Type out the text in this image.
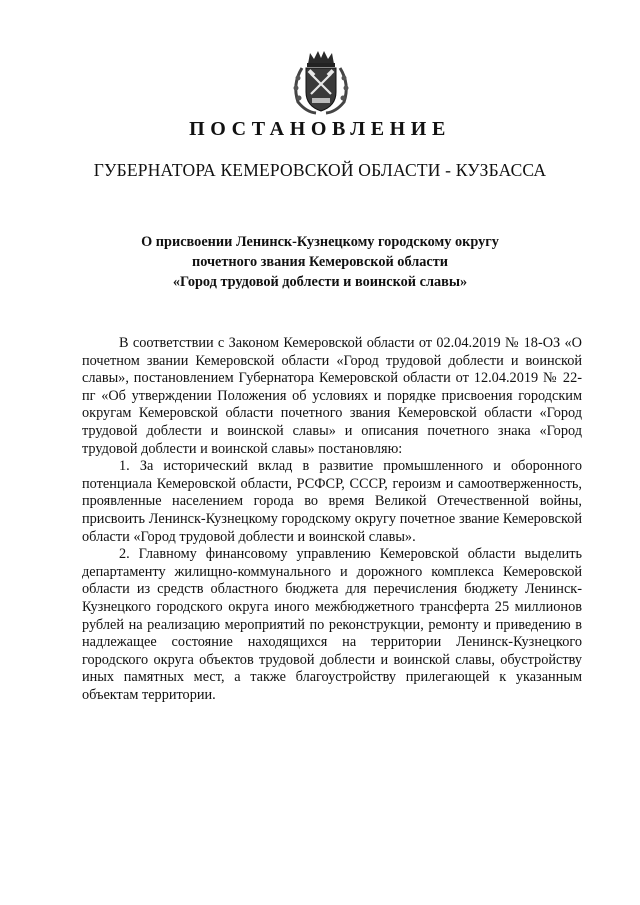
ПОСТАНОВЛЕНИЕ
ГУБЕРНАТОРА КЕМЕРОВСКОЙ ОБЛАСТИ - КУЗБАССА
О присвоении Ленинск-Кузнецкому городскому округу
почетного звания Кемеровской области
«Город трудовой доблести и воинской славы»

В соответствии с Законом Кемеровской области от 02.04.2019 № 18-ОЗ «О почетном звании Кемеровской области «Город трудовой доблести и воинской славы», постановлением Губернатора Кемеровской области от 12.04.2019 № 22-пг «Об утверждении Положения об условиях и порядке присвоения городским округам Кемеровской области почетного звания Кемеровской области «Город трудовой доблести и воинской славы» и описания почетного знака «Город трудовой доблести и воинской славы» постановляю:

1. За исторический вклад в развитие промышленного и оборонного потенциала Кемеровской области, РСФСР, СССР, героизм и самоотверженность, проявленные населением города во время Великой Отечественной войны, присвоить Ленинск-Кузнецкому городскому округу почетное звание Кемеровской области «Город трудовой доблести и воинской славы».

2. Главному финансовому управлению Кемеровской области выделить департаменту жилищно-коммунального и дорожного комплекса Кемеровской области из средств областного бюджета для перечисления бюджету Ленинск-Кузнецкого городского округа иного межбюджетного трансферта 25 миллионов рублей на реализацию мероприятий по реконструкции, ремонту и приведению в надлежащее состояние находящихся на территории Ленинск-Кузнецкого городского округа объектов трудовой доблести и воинской славы, обустройству иных памятных мест, а также благоустройству прилегающей к указанным объектам территории.
